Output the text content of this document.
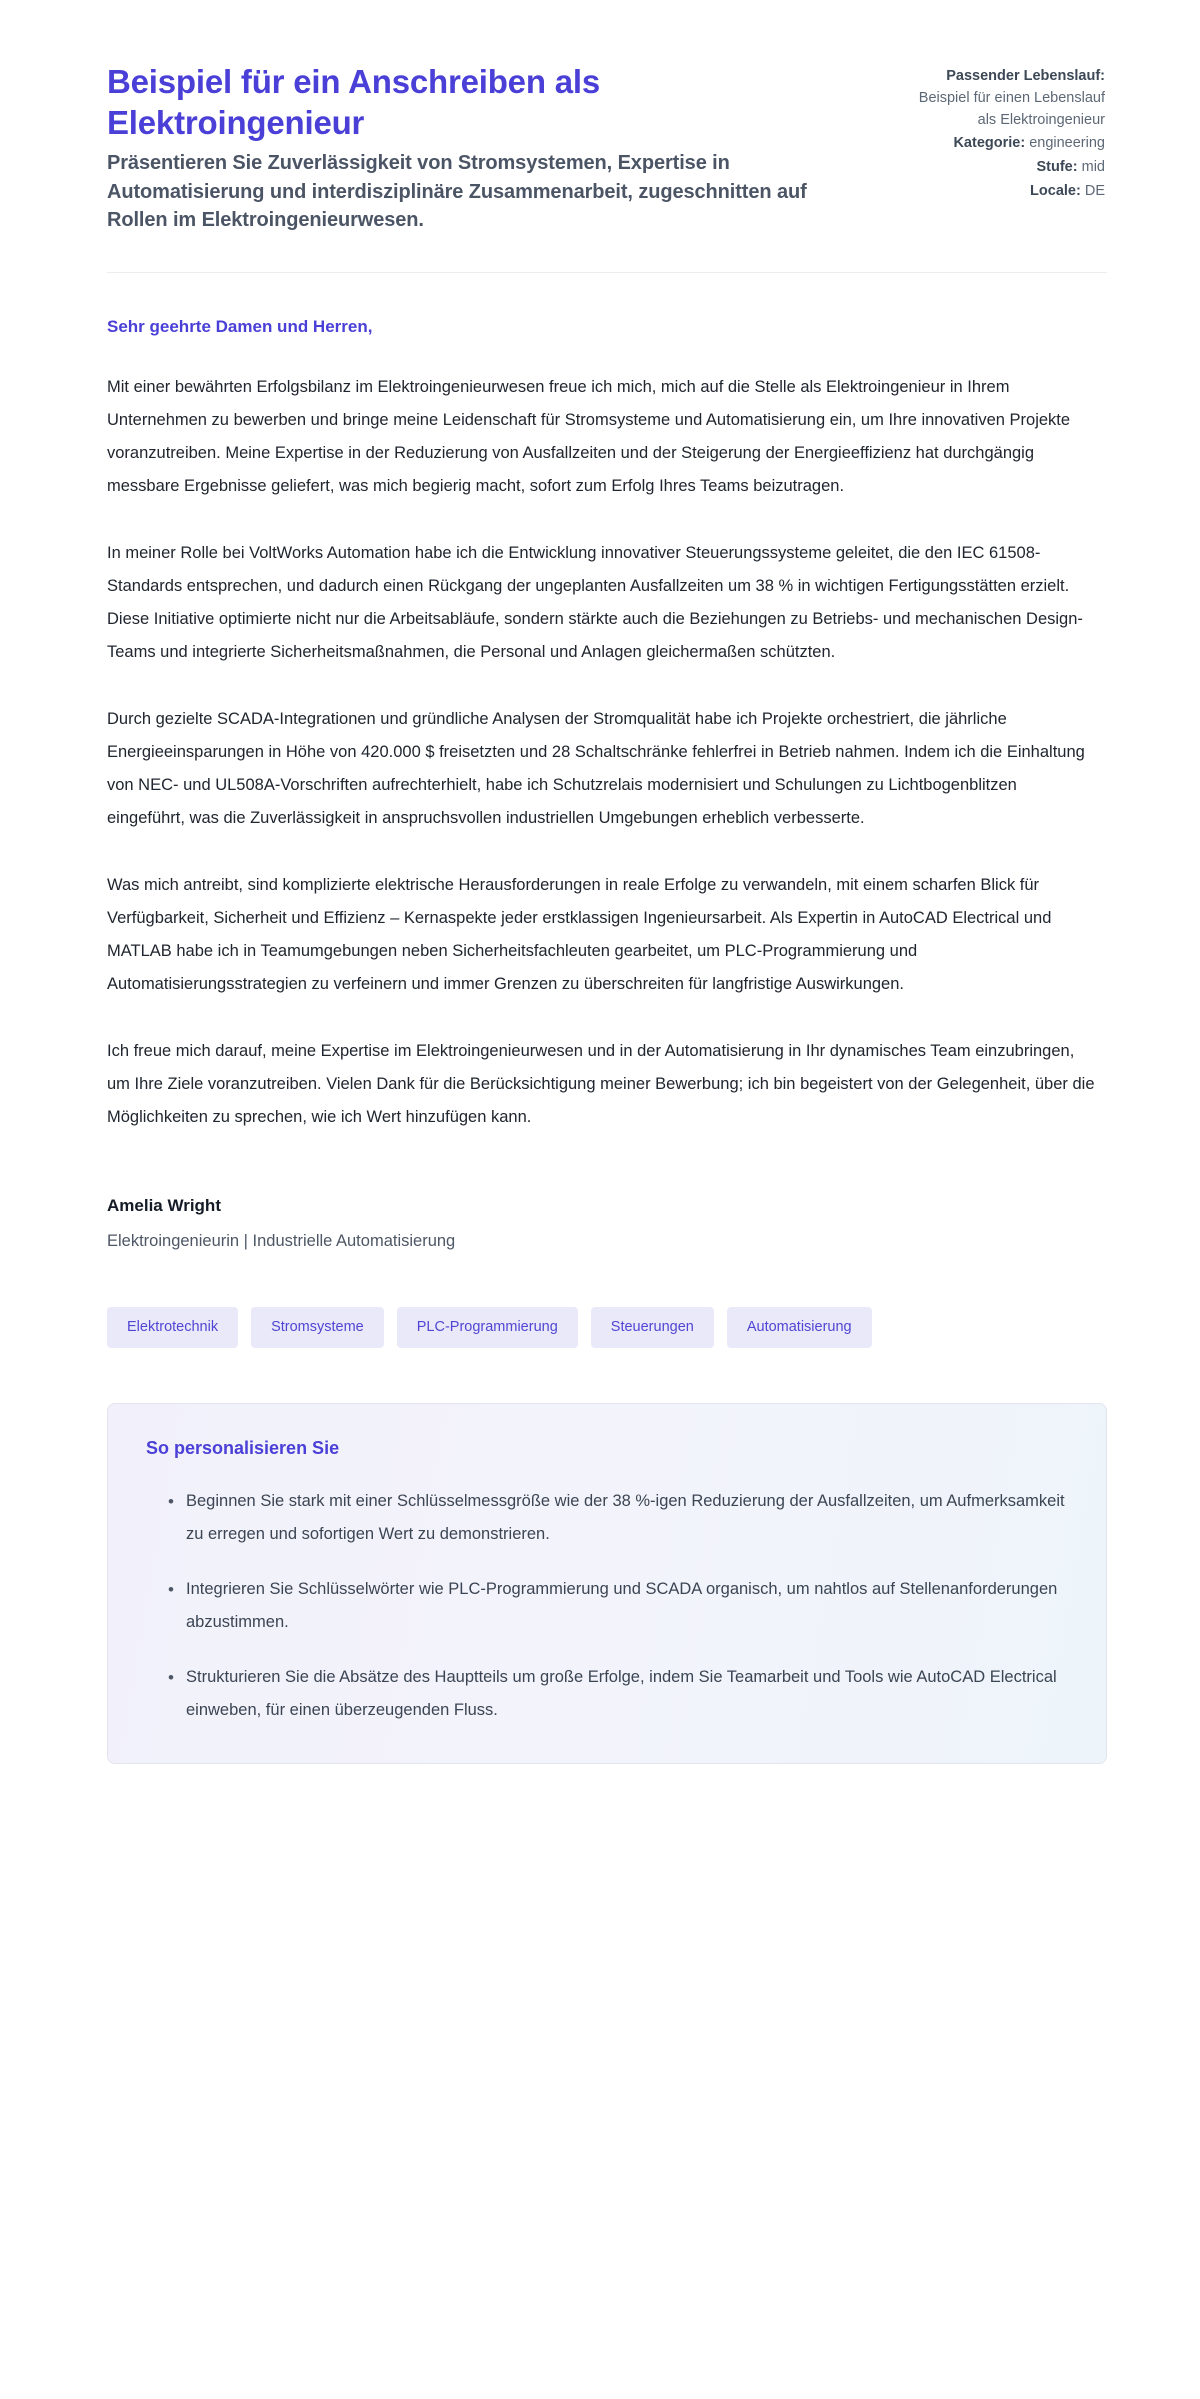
Beispiel für ein Anschreiben als Elektroingenieur

Präsentieren Sie Zuverlässigkeit von Stromsystemen, Expertise in Automatisierung und interdisziplinäre Zusammenarbeit, zugeschnitten auf Rollen im Elektroingenieurwesen.

Passender Lebenslauf: Beispiel für einen Lebenslauf als Elektroingenieur
Kategorie: engineering
Stufe: mid
Locale: DE

Sehr geehrte Damen und Herren,

Mit einer bewährten Erfolgsbilanz im Elektroingenieurwesen freue ich mich, mich auf die Stelle als Elektroingenieur in Ihrem Unternehmen zu bewerben und bringe meine Leidenschaft für Stromsysteme und Automatisierung ein, um Ihre innovativen Projekte voranzutreiben. Meine Expertise in der Reduzierung von Ausfallzeiten und der Steigerung der Energieeffizienz hat durchgängig messbare Ergebnisse geliefert, was mich begierig macht, sofort zum Erfolg Ihres Teams beizutragen.
In meiner Rolle bei VoltWorks Automation habe ich die Entwicklung innovativer Steuerungssysteme geleitet, die den IEC 61508-Standards entsprechen, und dadurch einen Rückgang der ungeplanten Ausfallzeiten um 38 % in wichtigen Fertigungsstätten erzielt. Diese Initiative optimierte nicht nur die Arbeitsabläufe, sondern stärkte auch die Beziehungen zu Betriebs- und mechanischen Design-Teams und integrierte Sicherheitsmaßnahmen, die Personal und Anlagen gleichermaßen schützten.
Durch gezielte SCADA-Integrationen und gründliche Analysen der Stromqualität habe ich Projekte orchestriert, die jährliche Energieeinsparungen in Höhe von 420.000 $ freisetzten und 28 Schaltschränke fehlerfrei in Betrieb nahmen. Indem ich die Einhaltung von NEC- und UL508A-Vorschriften aufrechterhielt, habe ich Schutzrelais modernisiert und Schulungen zu Lichtbogenblitzen eingeführt, was die Zuverlässigkeit in anspruchsvollen industriellen Umgebungen erheblich verbesserte.
Was mich antreibt, sind komplizierte elektrische Herausforderungen in reale Erfolge zu verwandeln, mit einem scharfen Blick für Verfügbarkeit, Sicherheit und Effizienz – Kernaspekte jeder erstklassigen Ingenieursarbeit. Als Expertin in AutoCAD Electrical und MATLAB habe ich in Teamumgebungen neben Sicherheitsfachleuten gearbeitet, um PLC-Programmierung und Automatisierungsstrategien zu verfeinern und immer Grenzen zu überschreiten für langfristige Auswirkungen.
Ich freue mich darauf, meine Expertise im Elektroingenieurwesen und in der Automatisierung in Ihr dynamisches Team einzubringen, um Ihre Ziele voranzutreiben. Vielen Dank für die Berücksichtigung meiner Bewerbung; ich bin begeistert von der Gelegenheit, über die Möglichkeiten zu sprechen, wie ich Wert hinzufügen kann.

Amelia Wright

Elektroingenieurin | Industrielle Automatisierung

Elektrotechnik	Stromsysteme	PLC-Programmierung	Steuerungen	Automatisierung
So personalisieren Sie
• Beginnen Sie stark mit einer Schlüsselmessgröße wie der 38 %-igen Reduzierung der Ausfallzeiten, um Aufmerksamkeit zu erregen und sofortigen Wert zu demonstrieren.
• Integrieren Sie Schlüsselwörter wie PLC-Programmierung und SCADA organisch, um nahtlos auf Stellenanforderungen abzustimmen.
• Strukturieren Sie die Absätze des Hauptteils um große Erfolge, indem Sie Teamarbeit und Tools wie AutoCAD Electrical einweben, für einen überzeugenden Fluss.
